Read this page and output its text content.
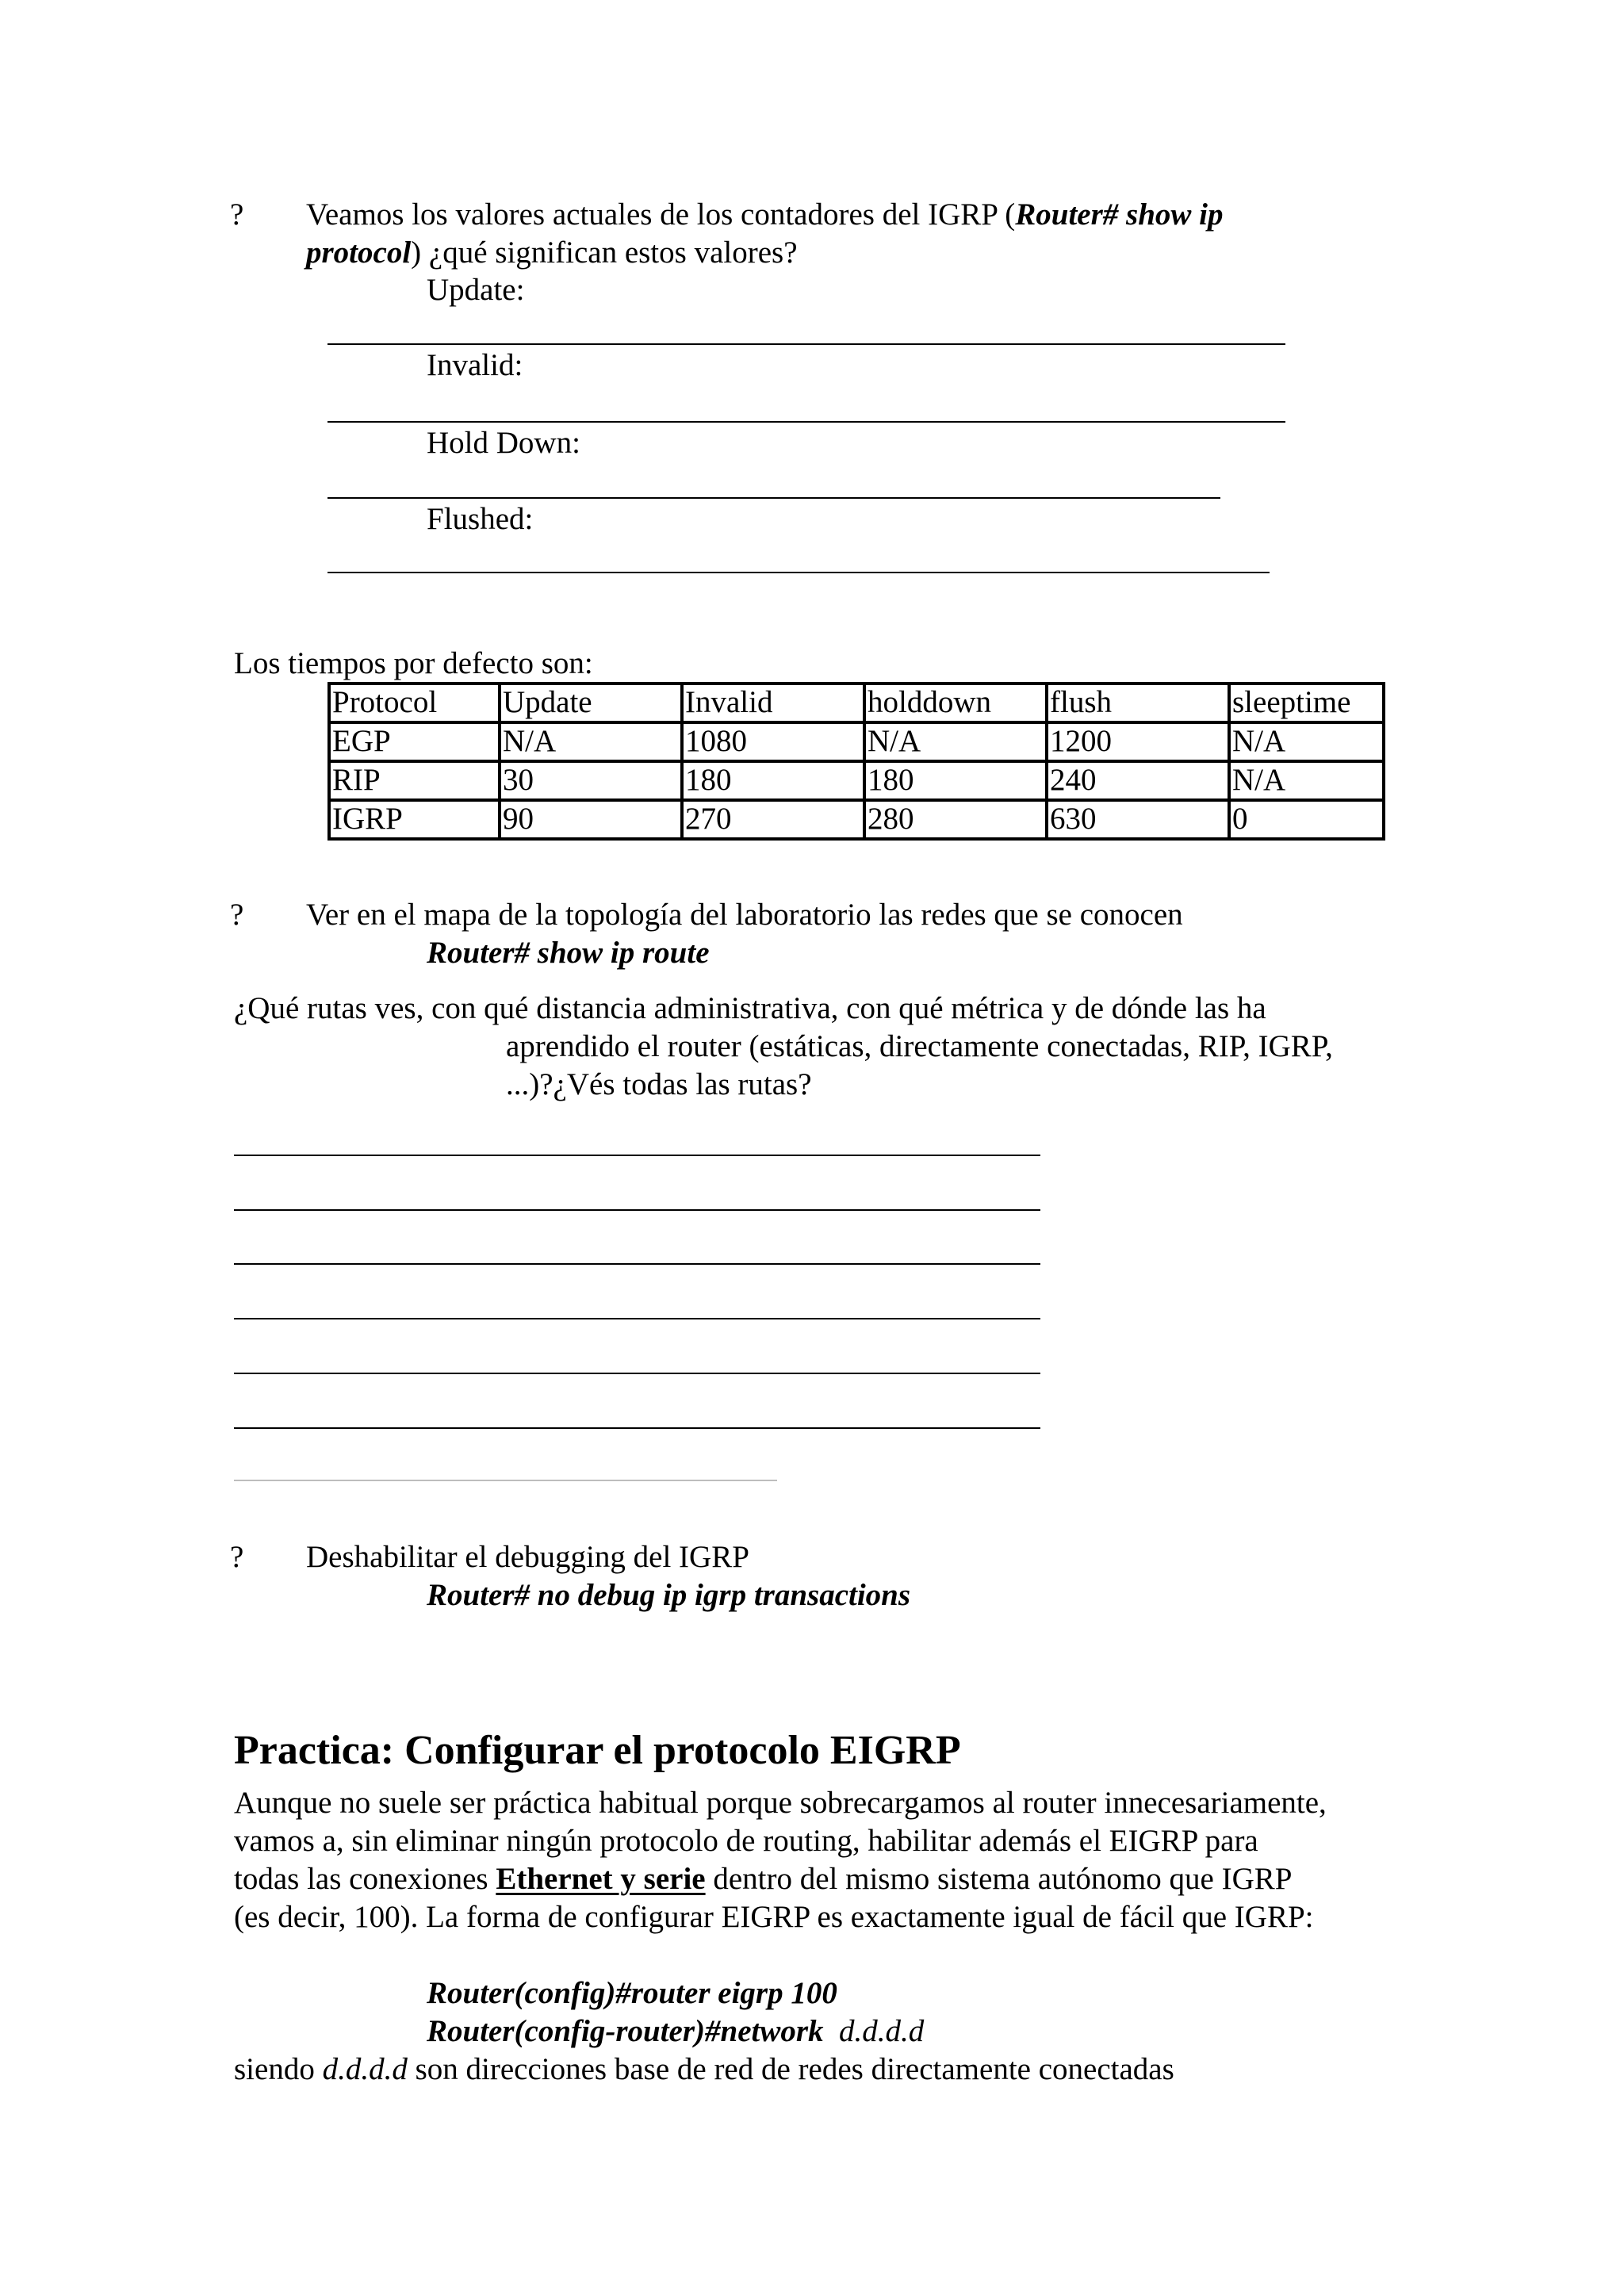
? Veamos los valores actuales de los contadores del IGRP (Router# show ip
protocol) ¿qué significan estos valores?
Update:
Invalid:
Hold Down:
Flushed:
Los tiempos por defecto son:
Protocol	Update	Invalid	holddown	flush	sleeptime
EGP	N/A	1080	N/A	1200	N/A
RIP	30	180	180	240	N/A
IGRP	90	270	280	630	0
? Ver en el mapa de la topología del laboratorio las redes que se conocen
Router# show ip route
¿Qué rutas ves, con qué distancia administrativa, con qué métrica y de dónde las ha
aprendido el router (estáticas, directamente conectadas, RIP, IGRP,
...)?¿Vés todas las rutas?
? Deshabilitar el debugging del IGRP
Router# no debug ip igrp transactions
Practica: Configurar el protocolo EIGRP
Aunque no suele ser práctica habitual porque sobrecargamos al router innecesariamente,
vamos a, sin eliminar ningún protocolo de routing, habilitar además el EIGRP para
todas las conexiones Ethernet y serie dentro del mismo sistema autónomo que IGRP
(es decir, 100). La forma de configurar EIGRP es exactamente igual de fácil que IGRP:
Router(config)#router eigrp 100
Router(config-router)#network d.d.d.d
siendo d.d.d.d son direcciones base de red de redes directamente conectadas
